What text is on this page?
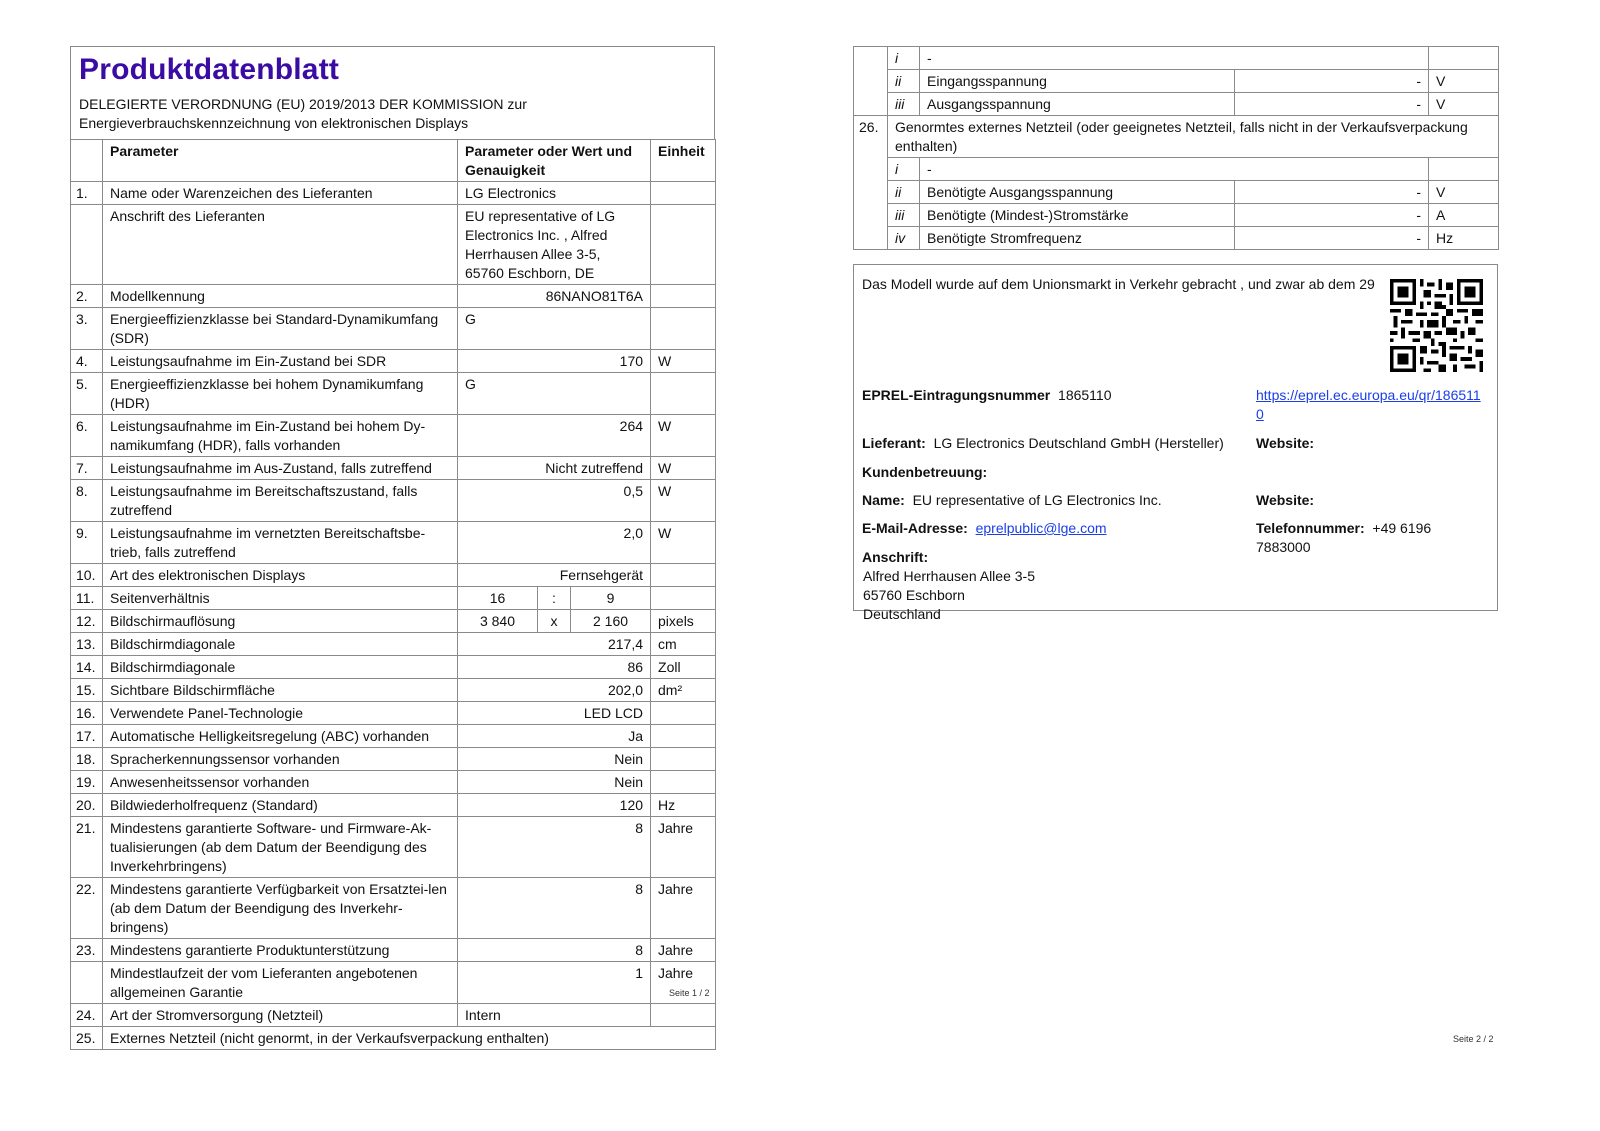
Produktdatenblatt
DELEGIERTE VERORDNUNG (EU) 2019/2013 DER KOMMISSION zur
Energieverbrauchskennzeichnung von elektronischen Displays
	Parameter	Parameter oder Wert und Genauigkeit			Einheit
1.	Name oder Warenzeichen des Lieferanten	LG Electronics			
	Anschrift des Lieferanten	EU representative of LG Electronics Inc. , Alfred Herrhausen Allee 3-5, 65760 Eschborn, DE			
2.	Modellkennung	86NANO81T6A			
3.	Energieeffizienzklasse bei Standard-Dynamikumfang (SDR)	G			
4.	Leistungsaufnahme im Ein-Zustand bei SDR	170			W
5.	Energieeffizienzklasse bei hohem Dynamikumfang (HDR)	G			
6.	Leistungsaufnahme im Ein-Zustand bei hohem Dy-namikumfang (HDR), falls vorhanden	264			W
7.	Leistungsaufnahme im Aus-Zustand, falls zutreffend	Nicht zutreffend			W
8.	Leistungsaufnahme im Bereitschaftszustand, falls zutreffend	0,5			W
9.	Leistungsaufnahme im vernetzten Bereitschaftsbe-trieb, falls zutreffend	2,0			W
10.	Art des elektronischen Displays	Fernsehgerät			
11.	Seitenverhältnis	16	:	9	
12.	Bildschirmauflösung	3 840	x	2 160	pixels
13.	Bildschirmdiagonale	217,4			cm
14.	Bildschirmdiagonale	86			Zoll
15.	Sichtbare Bildschirmfläche	202,0			dm²
16.	Verwendete Panel-Technologie	LED LCD			
17.	Automatische Helligkeitsregelung (ABC) vorhanden	Ja			
18.	Spracherkennungssensor vorhanden	Nein			
19.	Anwesenheitssensor vorhanden	Nein			
20.	Bildwiederholfrequenz (Standard)	120			Hz
21.	Mindestens garantierte Software- und Firmware-Ak-tualisierungen (ab dem Datum der Beendigung des Inverkehrbringens)	8			Jahre
22.	Mindestens garantierte Verfügbarkeit von Ersatztei-len (ab dem Datum der Beendigung des Inverkehr-bringens)	8			Jahre
23.	Mindestens garantierte Produktunterstützung	8			Jahre
	Mindestlaufzeit der vom Lieferanten angebotenen allgemeinen Garantie	1			Jahre
24.	Art der Stromversorgung (Netzteil)	Intern			
25.	Externes Netzteil (nicht genormt, in der Verkaufsverpackung enthalten)				
Seite 1 / 2
	i	-		
	ii	Eingangsspannung	-	V
	iii	Ausgangsspannung	-	V
26.	Genormtes externes Netzteil (oder geeignetes Netzteil, falls nicht in der Verkaufsverpackung enthalten)			
	i	-		
	ii	Benötigte Ausgangsspannung	-	V
	iii	Benötigte (Mindest-)Stromstärke	-	A
	iv	Benötigte Stromfrequenz	-	Hz
Das Modell wurde auf dem Unionsmarkt in Verkehr gebracht , und zwar ab dem 29
EPREL-Eintragungsnummer 1865110	https://eprel.ec.europa.eu/qr/1865110
Lieferant: LG Electronics Deutschland GmbH (Hersteller) Website:
Kundenbetreuung:
Name: EU representative of LG Electronics Inc.	Website:
E-Mail-Adresse: eprelpublic@lge.com	Telefonnummer: +49 6196 7883000
Anschrift:
Alfred Herrhausen Allee 3-5
65760 Eschborn
Deutschland
Seite 2 / 2
